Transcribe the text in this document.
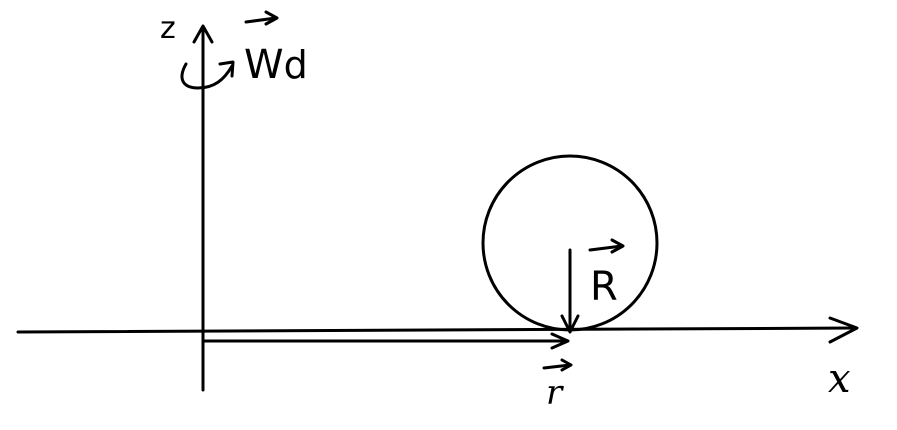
x
z
Wd
r
R
